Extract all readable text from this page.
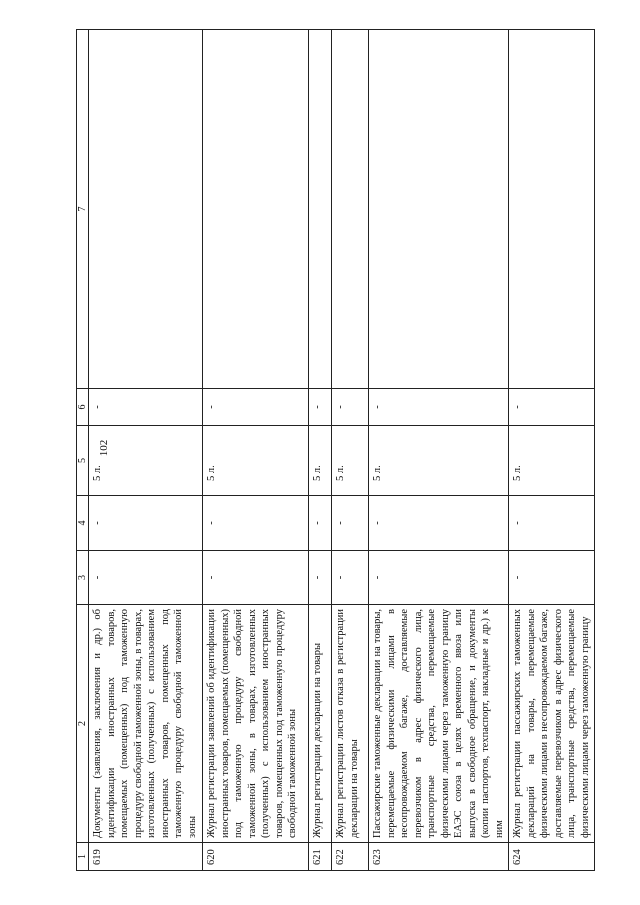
102
1	2	3	4	5	6	7
619	Документы (заявления, заключения и др.) об идентификации иностранных товаров, помещаемых (помещенных) под таможенную процедуру свободной таможенной зоны, в товарах, изготовленных (полученных) с использованием иностранных товаров, помещенных под таможенную процедуру свободной таможенной зоны	-	-	5 л.	-	
620	Журнал регистрации заявлений об идентификации иностранных товаров, помещаемых (помещенных) под таможенную процедуру свободной таможенной зоны, в товарах, изготовленных (полученных) с использованием иностранных товаров, помещенных под таможенную процедуру свободной таможенной зоны	-	-	5 л.	-	
621	Журнал регистрации декларации на товары	-	-	5 л.	-	
622	Журнал регистрации листов отказа в регистрации декларации на товары	-	-	5 л.	-	
623	Пассажирские таможенные декларации на товары, перемещаемые физическими лицами в несопровождаемом багаже, доставляемые перевозчиком в адрес физического лица, транспортные средства, перемещаемые физическими лицами через таможенную границу ЕАЭС союза в целях временного ввоза или выпуска в свободное обращение, и документы (копии паспортов, техпаспорт, накладные и др.) к ним	-	-	5 л.	-	
624	Журнал регистрации пассажирских таможенных деклараций на товары, перемещаемые физическими лицами в несопровождаемом багаже, доставляемые перевозчиком в адрес физического лица, транспортные средства, перемещаемые физическими лицами через таможенную границу	-	-	5 л.	-	
